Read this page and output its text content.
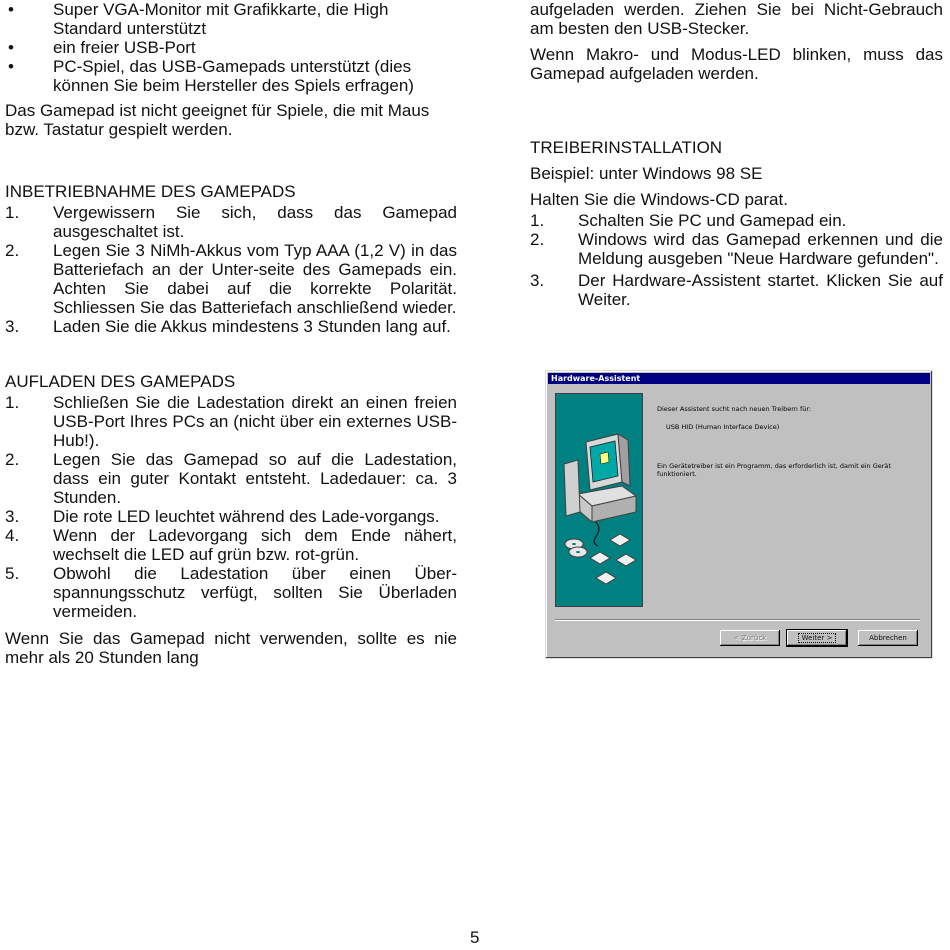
• Super VGA-Monitor mit Grafikkarte, die High Standard unterstützt
• ein freier USB-Port
• PC-Spiel, das USB-Gamepads unterstützt (dies können Sie beim Hersteller des Spiels erfragen)

Das Gamepad ist nicht geeignet für Spiele, die mit Maus bzw. Tastatur gespielt werden.

INBETRIEBNAHME DES GAMEPADS

1. Vergewissern Sie sich, dass das Gamepad ausgeschaltet ist.
2. Legen Sie 3 NiMh-Akkus vom Typ AAA (1,2 V) in das Batteriefach an der Unter-seite des Gamepads ein. Achten Sie dabei auf die korrekte Polarität. Schliessen Sie das Batteriefach anschließend wieder.
3. Laden Sie die Akkus mindestens 3 Stunden lang auf.

AUFLADEN DES GAMEPADS

1. Schließen Sie die Ladestation direkt an einen freien USB-Port Ihres PCs an (nicht über ein externes USB-Hub!).
2. Legen Sie das Gamepad so auf die Ladestation, dass ein guter Kontakt entsteht. Ladedauer: ca. 3 Stunden.
3. Die rote LED leuchtet während des Lade-vorgangs.
4. Wenn der Ladevorgang sich dem Ende nähert, wechselt die LED auf grün bzw. rot-grün.
5. Obwohl die Ladestation über einen Über-spannungsschutz verfügt, sollten Sie Überladen vermeiden.

Wenn Sie das Gamepad nicht verwenden, sollte es nie mehr als 20 Stunden lang

aufgeladen werden. Ziehen Sie bei Nicht-Gebrauch am besten den USB-Stecker.

Wenn Makro- und Modus-LED blinken, muss das Gamepad aufgeladen werden.

TREIBERINSTALLATION

Beispiel: unter Windows 98 SE

Halten Sie die Windows-CD parat.

1. Schalten Sie PC und Gamepad ein.
2. Windows wird das Gamepad erkennen und die Meldung ausgeben "Neue Hardware gefunden".
3. Der Hardware-Assistent startet. Klicken Sie auf Weiter.
Hardware-Assistent
Dieser Assistent sucht nach neuen Treibern für:
USB HID (Human Interface Device)
Ein Gerätetreiber ist ein Programm, das erforderlich ist, damit ein Gerät funktioniert.
< Zurück	Weiter >	Abbrechen
5
